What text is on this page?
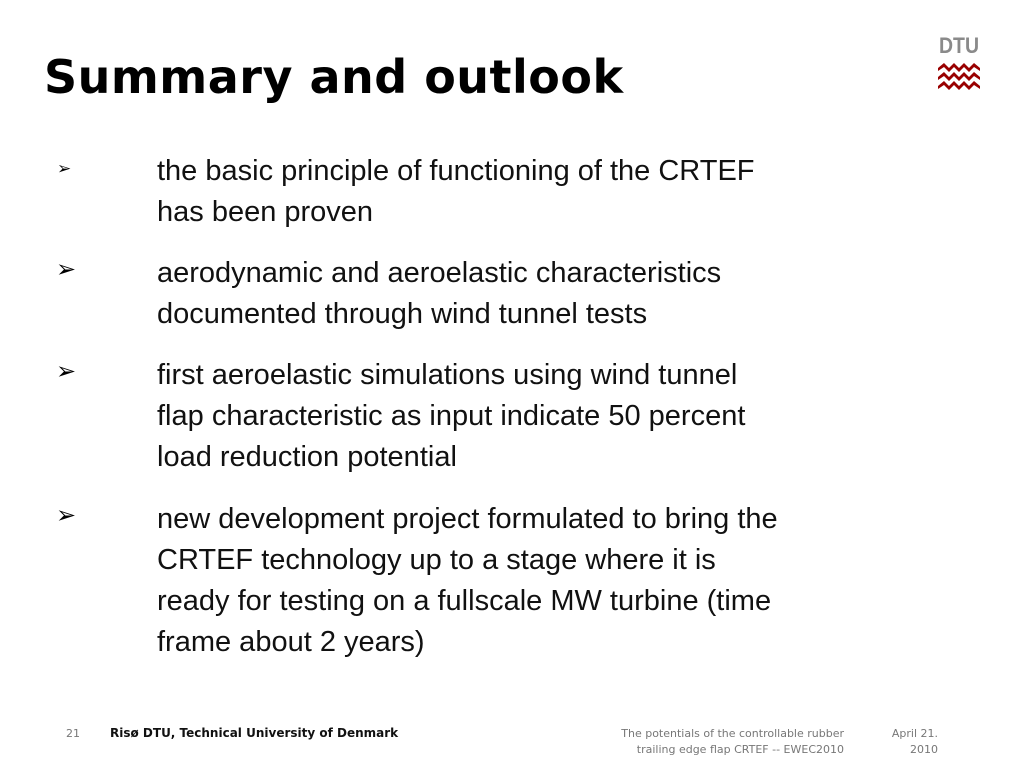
Summary and outlook
DTU
➢	the basic principle of functioning of the CRTEF
has been proven

➢	aerodynamic and aeroelastic characteristics
documented through wind tunnel tests

➢	first aeroelastic simulations using wind tunnel
flap characteristic as input indicate 50 percent
load reduction potential

➢	new development project formulated to bring the
CRTEF technology up to a stage where it is
ready for testing on a fullscale MW turbine (time
frame about 2 years)

21	Risø DTU, Technical University of Denmark	The potentials of the controllable rubber
trailing edge flap CRTEF -- EWEC2010
April 21.
2010
